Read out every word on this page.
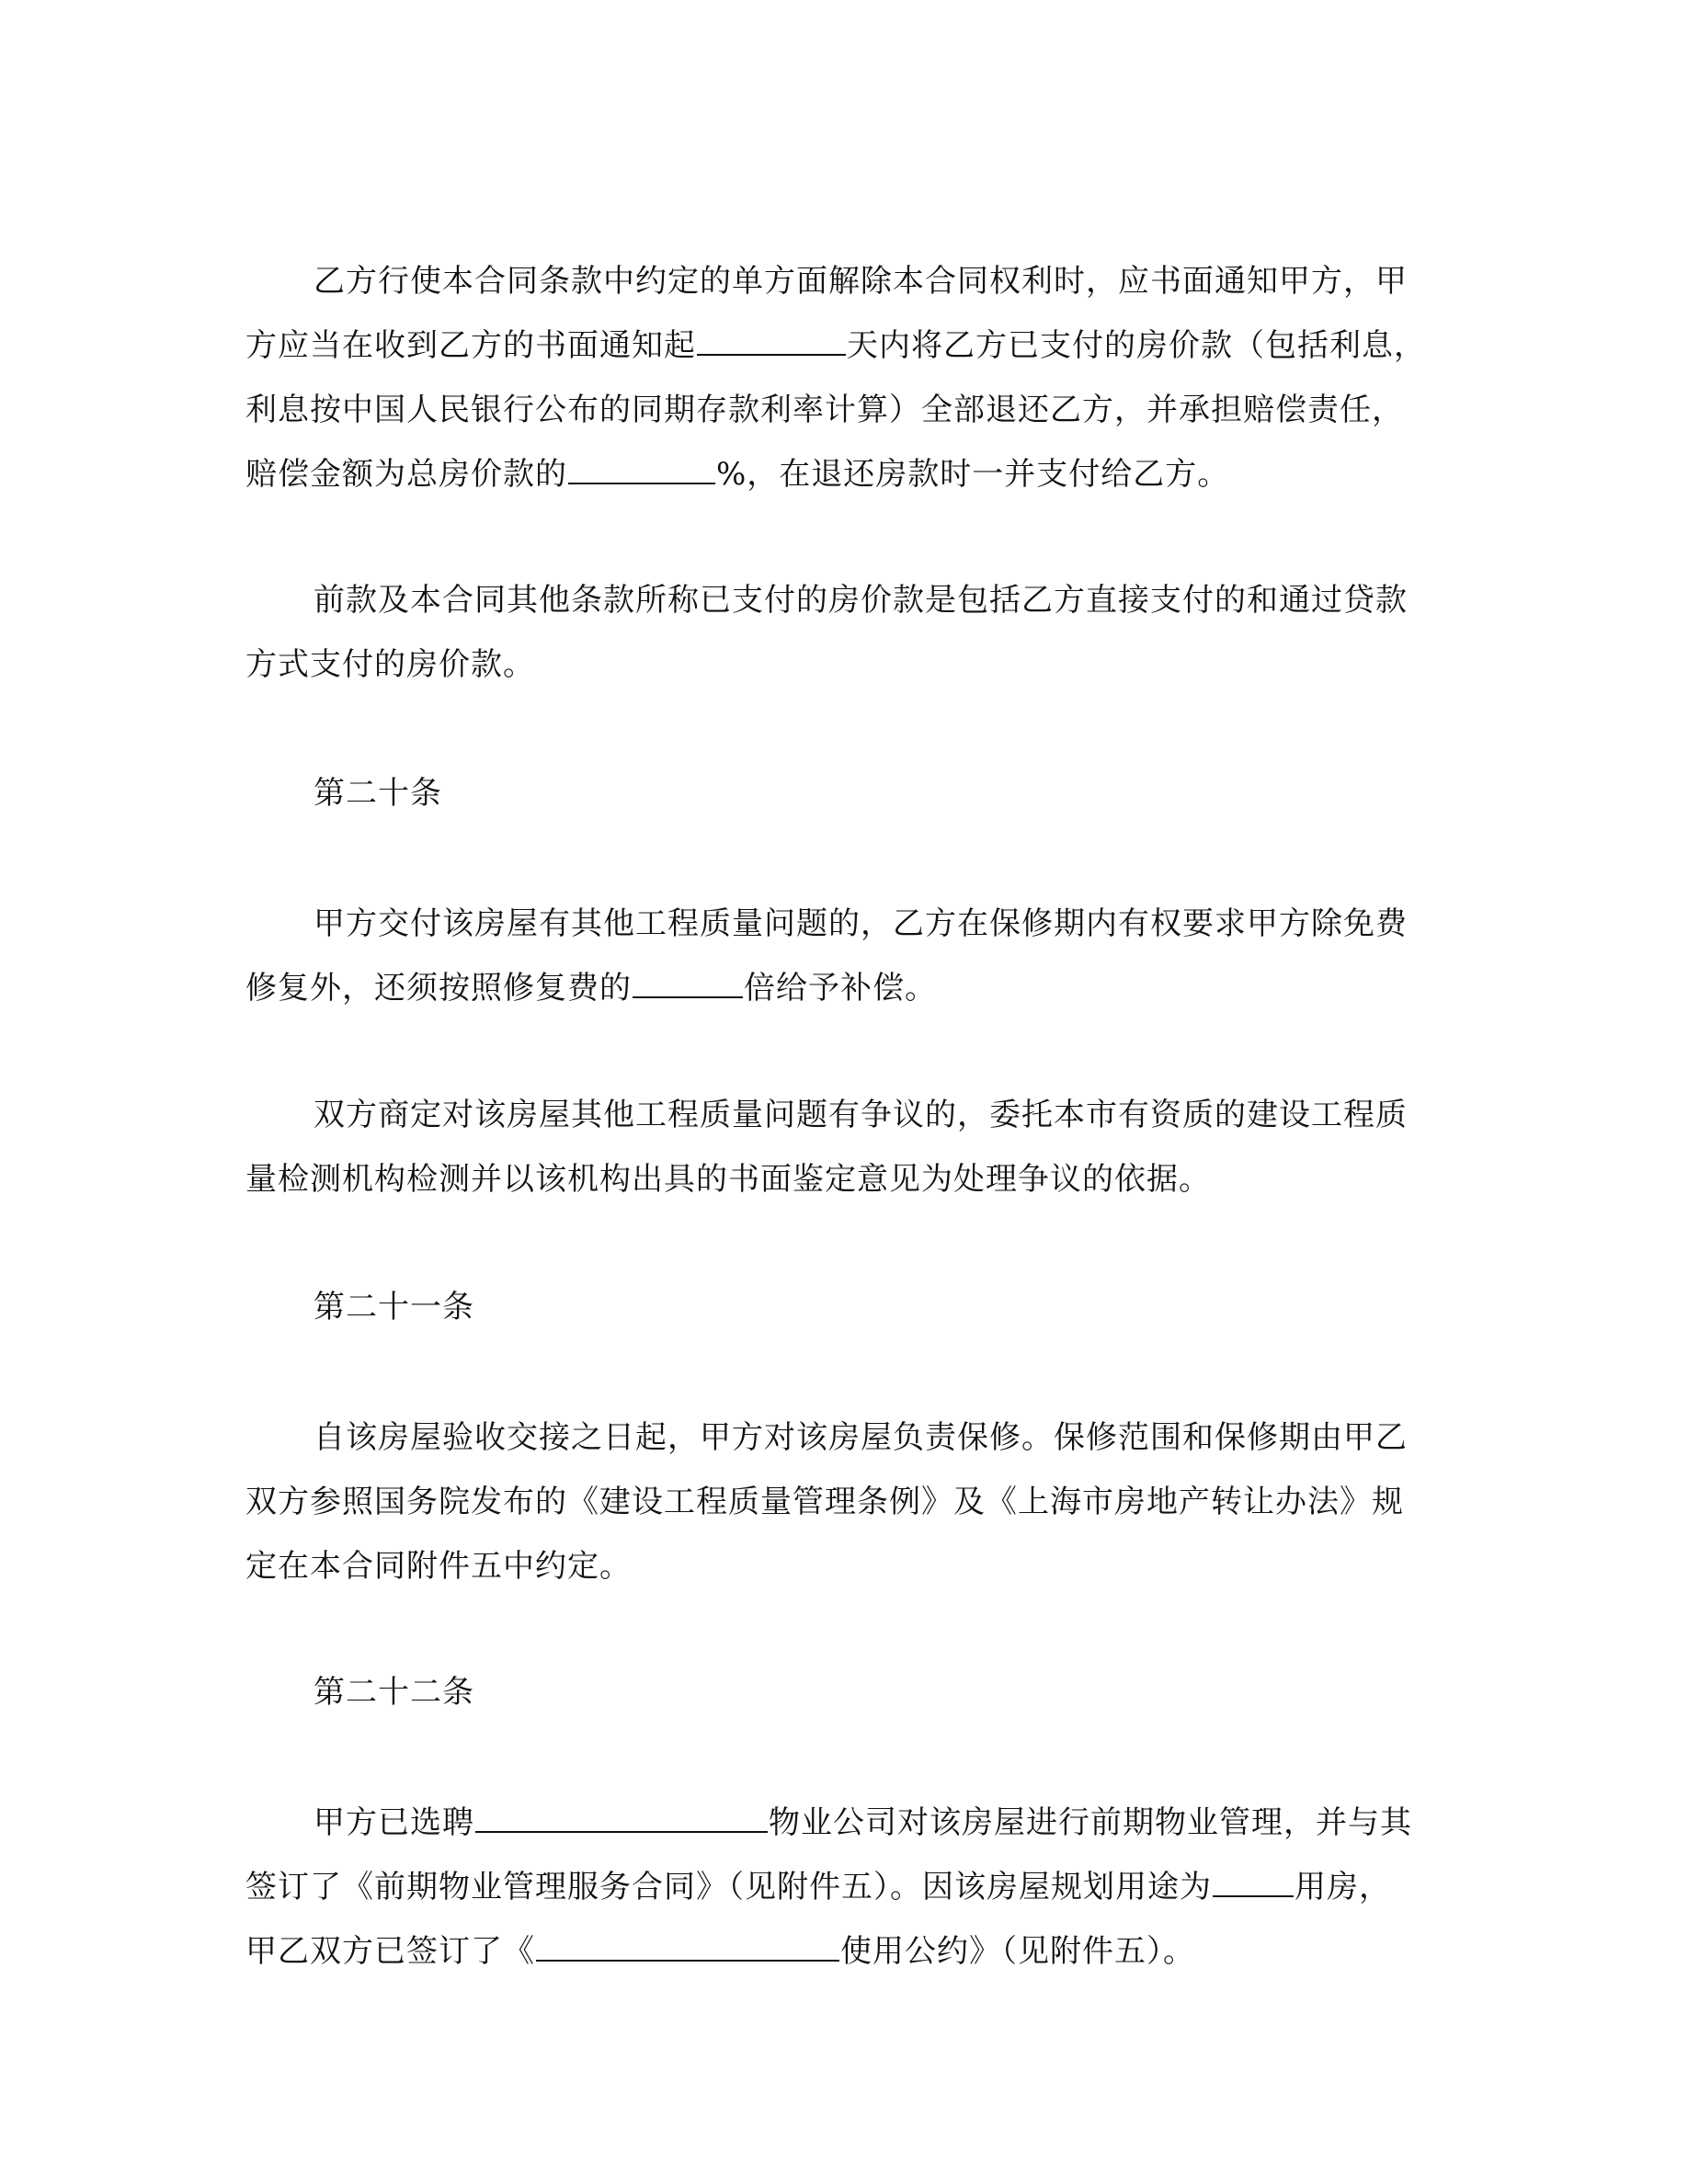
乙方行使本合同条款中约定的单方面解除本合同权利时，应书面通知甲方，甲
方应当在收到乙方的书面通知起	天内将乙方已支付的房价款（包括利息，
利息按中国人民银行公布的同期存款利率计算）全部退还乙方，并承担赔偿责任，
赔偿金额为总房价款的	%，在退还房款时一并支付给乙方。
前款及本合同其他条款所称已支付的房价款是包括乙方直接支付的和通过贷款
方式支付的房价款。
第二十条
甲方交付该房屋有其他工程质量问题的，乙方在保修期内有权要求甲方除免费
修复外，还须按照修复费的	倍给予补偿。
双方商定对该房屋其他工程质量问题有争议的，委托本市有资质的建设工程质
量检测机构检测并以该机构出具的书面鉴定意见为处理争议的依据。
第二十一条
自该房屋验收交接之日起，甲方对该房屋负责保修。保修范围和保修期由甲乙
双方参照国务院发布的《建设工程质量管理条例》及《上海市房地产转让办法》规
定在本合同附件五中约定。
第二十二条
甲方已选聘	物业公司对该房屋进行前期物业管理，并与其
签订了《前期物业管理服务合同》（见附件五）。因该房屋规划用途为	用房，
甲乙双方已签订了《	使用公约》（见附件五）。
